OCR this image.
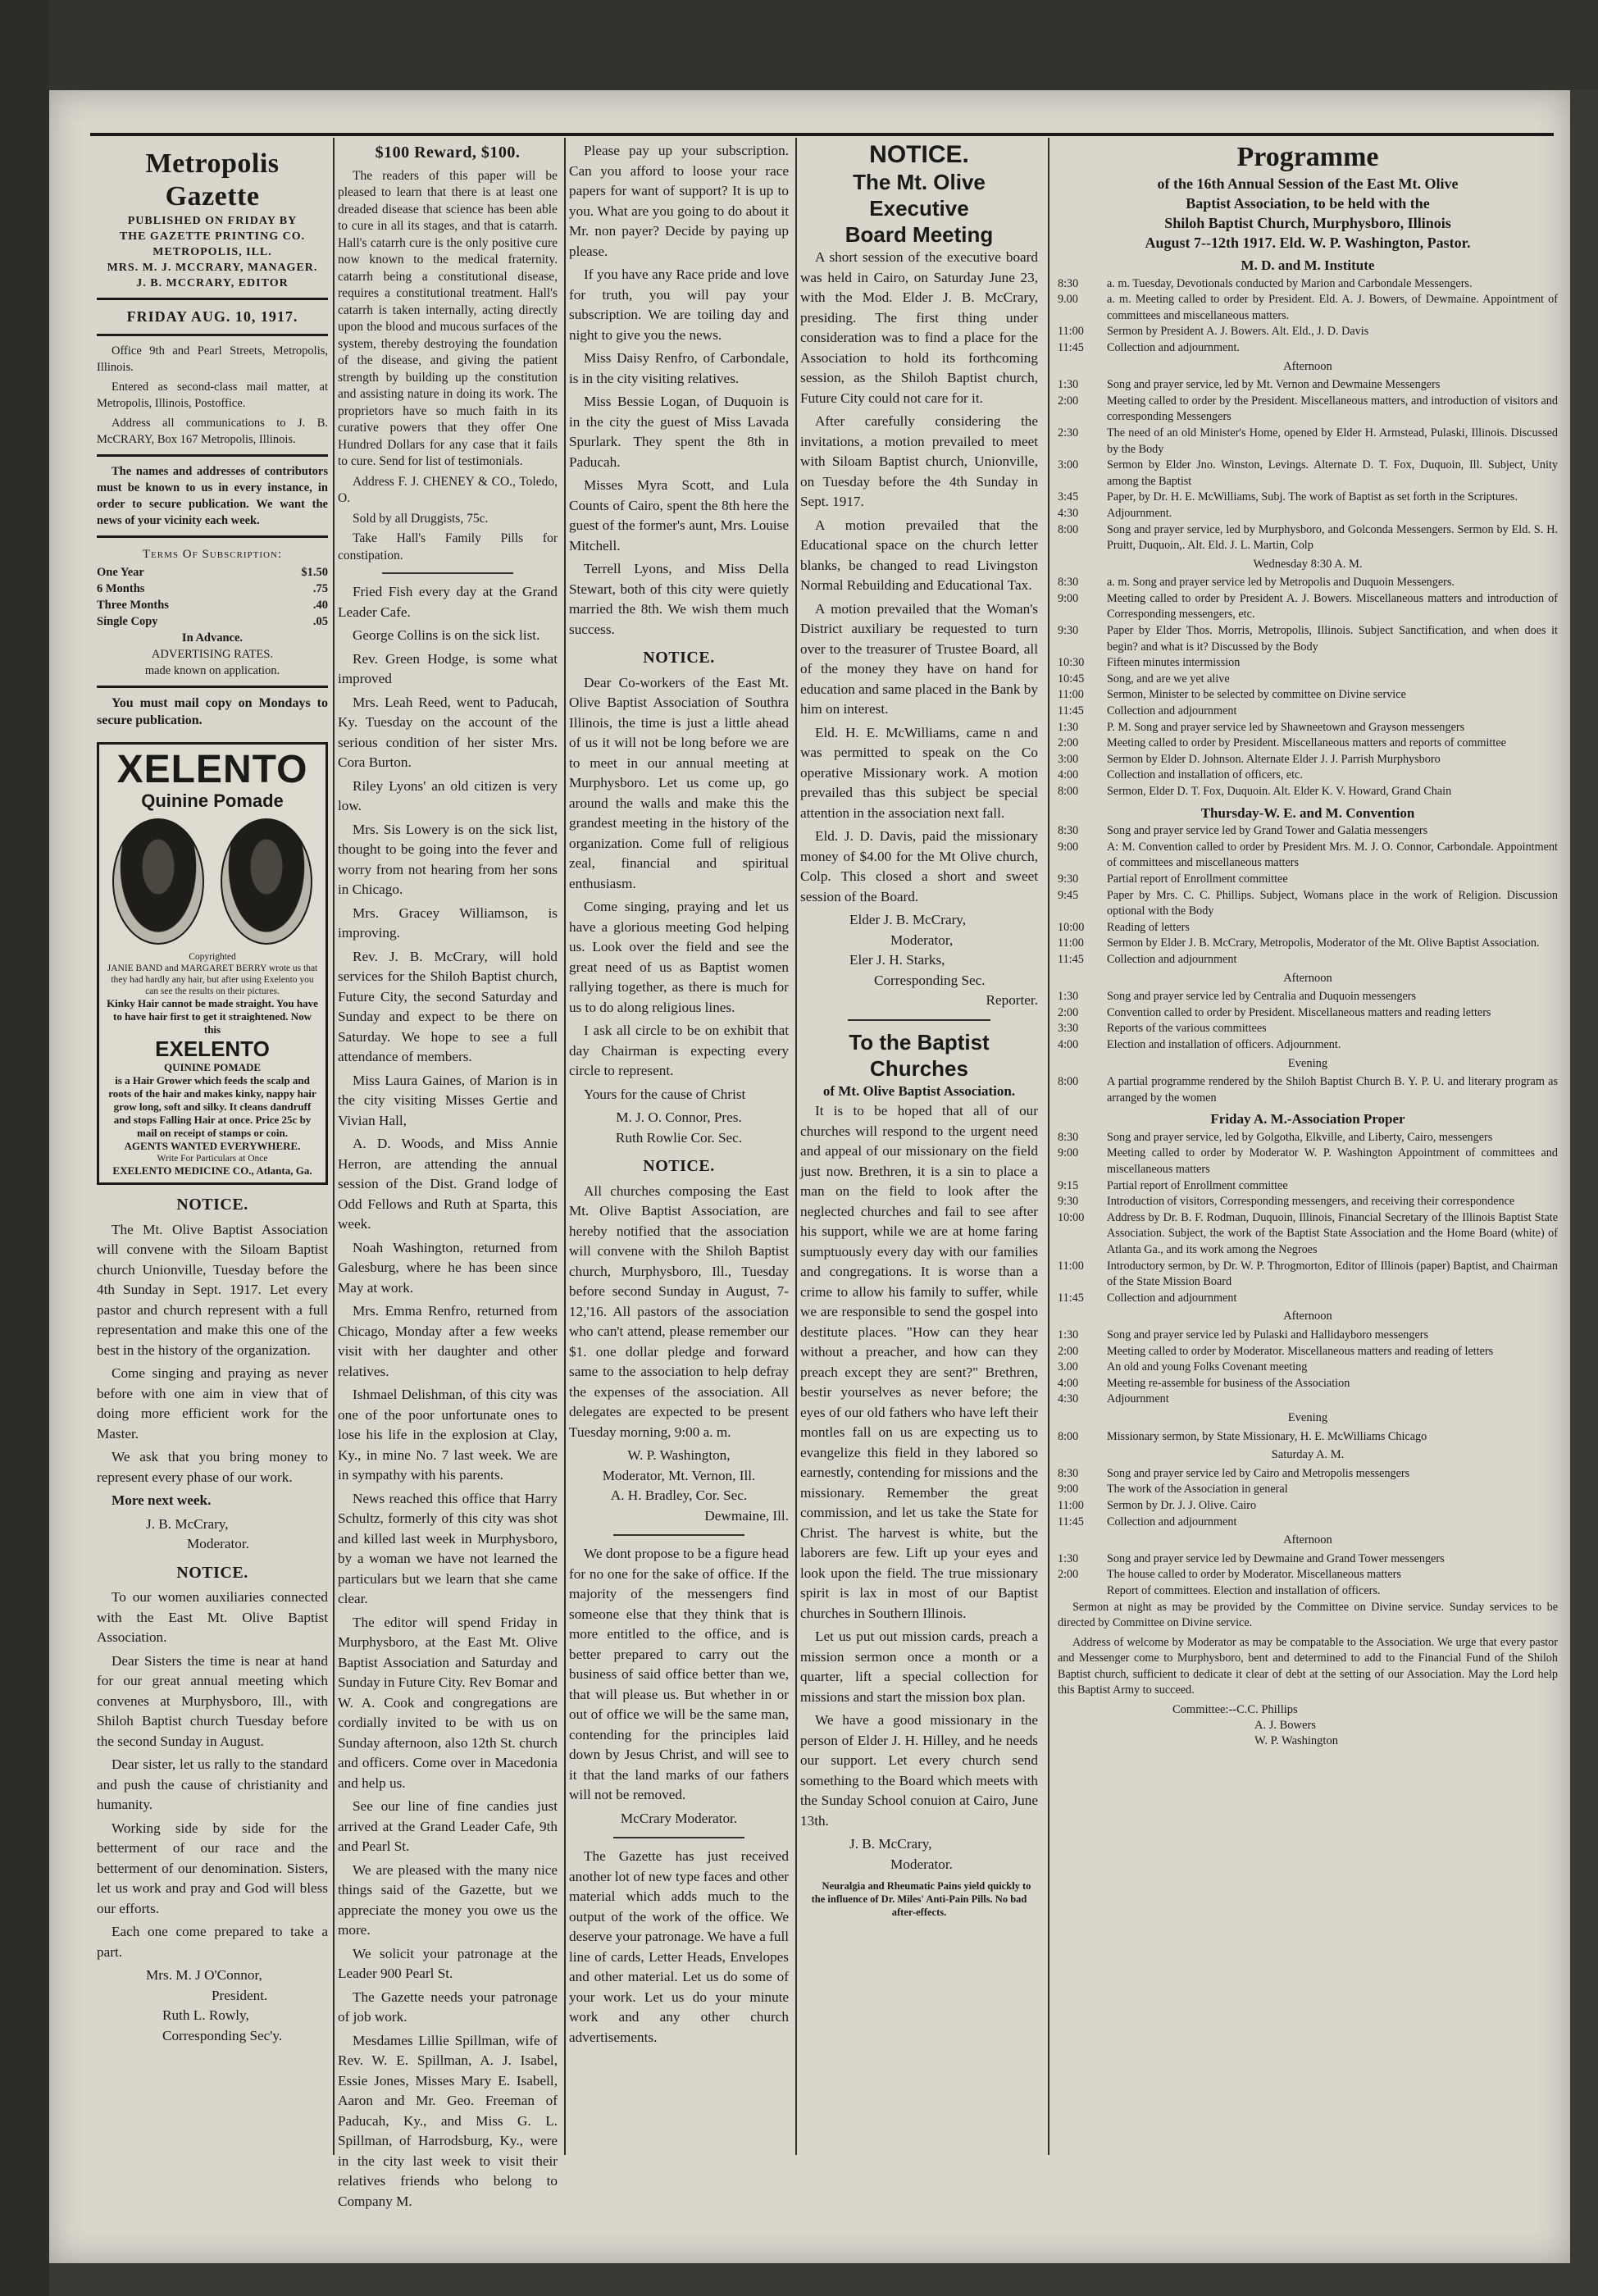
Metropolis Gazette
PUBLISHED ON FRIDAY BY
THE GAZETTE PRINTING CO.
METROPOLIS, ILL.
MRS. M. J. MCCRARY, MANAGER.
J. B. MCCRARY, EDITOR
FRIDAY AUG. 10, 1917.

Office 9th and Pearl Streets, Metropolis, Illinois.

Entered as second-class mail matter, at Metropolis, Illinois, Postoffice.

Address all communications to J. B. McCRARY, Box 167 Metropolis, Illinois.

The names and addresses of contributors must be known to us in every instance, in order to secure publication. We want the news of your vicinity each week.

Terms Of Subscription:
One Year	$1.50
6 Months	.75
Three Months	.40
Single Copy	.05
In Advance.
ADVERTISING RATES.
made known on application.

You must mail copy on Mondays to secure publication.

XELENTO
Quinine Pomade
Copyrighted
JANIE BAND and MARGARET BERRY wrote us that they had hardly any hair, but after using Exelento you can see the results on their pictures.
Kinky Hair cannot be made straight. You have to have hair first to get it straightened. Now this
EXELENTO
QUININE POMADE
is a Hair Grower which feeds the scalp and roots of the hair and makes kinky, nappy hair grow long, soft and silky. It cleans dandruff and stops Falling Hair at once. Price 25c by mail on receipt of stamps or coin.
AGENTS WANTED EVERYWHERE.
Write For Particulars at Once
EXELENTO MEDICINE CO., Atlanta, Ga.
NOTICE.

The Mt. Olive Baptist Association will convene with the Siloam Baptist church Unionville, Tuesday before the 4th Sunday in Sept. 1917. Let every pastor and church represent with a full representation and make this one of the best in the history of the organization.

Come singing and praying as never before with one aim in view that of doing more efficient work for the Master.

We ask that you bring money to represent every phase of our work.

More next week.

J. B. McCrary,
Moderator.
NOTICE.

To our women auxiliaries connected with the East Mt. Olive Baptist Association.

Dear Sisters the time is near at hand for our great annual meeting which convenes at Murphysboro, Ill., with Shiloh Baptist church Tuesday before the second Sunday in August.

Dear sister, let us rally to the standard and push the cause of christianity and humanity.

Working side by side for the betterment of our race and the betterment of our denomination. Sisters, let us work and pray and God will bless our efforts.

Each one come prepared to take a part.

Mrs. M. J O'Connor,
President.
Ruth L. Rowly,
Corresponding Sec'y.
$100 Reward, $100.

The readers of this paper will be pleased to learn that there is at least one dreaded disease that science has been able to cure in all its stages, and that is catarrh. Hall's catarrh cure is the only positive cure now known to the medical fraternity. catarrh being a constitutional disease, requires a constitutional treatment. Hall's catarrh is taken internally, acting directly upon the blood and mucous surfaces of the system, thereby destroying the foundation of the disease, and giving the patient strength by building up the constitution and assisting nature in doing its work. The proprietors have so much faith in its curative powers that they offer One Hundred Dollars for any case that it fails to cure. Send for list of testimonials.

Address F. J. CHENEY & CO., Toledo, O.

Sold by all Druggists, 75c.

Take Hall's Family Pills for constipation.

Fried Fish every day at the Grand Leader Cafe.

George Collins is on the sick list.

Rev. Green Hodge, is some what improved

Mrs. Leah Reed, went to Paducah, Ky. Tuesday on the account of the serious condition of her sister Mrs. Cora Burton.

Riley Lyons' an old citizen is very low.

Mrs. Sis Lowery is on the sick list, thought to be going into the fever and worry from not hearing from her sons in Chicago.

Mrs. Gracey Williamson, is improving.

Rev. J. B. McCrary, will hold services for the Shiloh Baptist church, Future City, the second Saturday and Sunday and expect to be there on Saturday. We hope to see a full attendance of members.

Miss Laura Gaines, of Marion is in the city visiting Misses Gertie and Vivian Hall,

A. D. Woods, and Miss Annie Herron, are attending the annual session of the Dist. Grand lodge of Odd Fellows and Ruth at Sparta, this week.

Noah Washington, returned from Galesburg, where he has been since May at work.

Mrs. Emma Renfro, returned from Chicago, Monday after a few weeks visit with her daughter and other relatives.

Ishmael Delishman, of this city was one of the poor unfortunate ones to lose his life in the explosion at Clay, Ky., in mine No. 7 last week. We are in sympathy with his parents.

News reached this office that Harry Schultz, formerly of this city was shot and killed last week in Murphysboro, by a woman we have not learned the particulars but we learn that she came clear.

The editor will spend Friday in Murphysboro, at the East Mt. Olive Baptist Association and Saturday and Sunday in Future City. Rev Bomar and W. A. Cook and congregations are cordially invited to be with us on Sunday afternoon, also 12th St. church and officers. Come over in Macedonia and help us.

See our line of fine candies just arrived at the Grand Leader Cafe, 9th and Pearl St.

We are pleased with the many nice things said of the Gazette, but we appreciate the money you owe us the more.

We solicit your patronage at the Leader 900 Pearl St.

The Gazette needs your patronage of job work.

Mesdames Lillie Spillman, wife of Rev. W. E. Spillman, A. J. Isabel, Essie Jones, Misses Mary E. Isabell, Aaron and Mr. Geo. Freeman of Paducah, Ky., and Miss G. L. Spillman, of Harrodsburg, Ky., were in the city last week to visit their relatives friends who belong to Company M.

Please pay up your subscription. Can you afford to loose your race papers for want of support? It is up to you. What are you going to do about it Mr. non payer? Decide by paying up please.

If you have any Race pride and love for truth, you will pay your subscription. We are toiling day and night to give you the news.

Miss Daisy Renfro, of Carbondale, is in the city visiting relatives.

Miss Bessie Logan, of Duquoin is in the city the guest of Miss Lavada Spurlark. They spent the 8th in Paducah.

Misses Myra Scott, and Lula Counts of Cairo, spent the 8th here the guest of the former's aunt, Mrs. Louise Mitchell.

Terrell Lyons, and Miss Della Stewart, both of this city were quietly married the 8th. We wish them much success.

NOTICE.

Dear Co-workers of the East Mt. Olive Baptist Association of Southra Illinois, the time is just a little ahead of us it will not be long before we are to meet in our annual meeting at Murphysboro. Let us come up, go around the walls and make this the grandest meeting in the history of the organization. Come full of religious zeal, financial and spiritual enthusiasm.

Come singing, praying and let us have a glorious meeting God helping us. Look over the field and see the great need of us as Baptist women rallying together, as there is much for us to do along religious lines.

I ask all circle to be on exhibit that day Chairman is expecting every circle to represent.

Yours for the cause of Christ

M. J. O. Connor, Pres.
Ruth Rowlie Cor. Sec.
NOTICE.

All churches composing the East Mt. Olive Baptist Association, are hereby notified that the association will convene with the Shiloh Baptist church, Murphysboro, Ill., Tuesday before second Sunday in August, 7-12,'16. All pastors of the association who can't attend, please remember our $1. one dollar pledge and forward same to the association to help defray the expenses of the association. All delegates are expected to be present Tuesday morning, 9:00 a. m.

W. P. Washington,
Moderator, Mt. Vernon, Ill.
A. H. Bradley, Cor. Sec.
Dewmaine, Ill.

We dont propose to be a figure head for no one for the sake of office. If the majority of the messengers find someone else that they think that is more entitled to the office, and is better prepared to carry out the business of said office better than we, that will please us. But whether in or out of office we will be the same man, contending for the principles laid down by Jesus Christ, and will see to it that the land marks of our fathers will not be removed.

McCrary Moderator.

The Gazette has just received another lot of new type faces and other material which adds much to the output of the work of the office. We deserve your patronage. We have a full line of cards, Letter Heads, Envelopes and other material. Let us do some of your work. Let us do your minute work and any other church advertisements.

NOTICE.
The Mt. Olive Executive
Board Meeting

A short session of the executive board was held in Cairo, on Saturday June 23, with the Mod. Elder J. B. McCrary, presiding. The first thing under consideration was to find a place for the Association to hold its forthcoming session, as the Shiloh Baptist church, Future City could not care for it.

After carefully considering the invitations, a motion prevailed to meet with Siloam Baptist church, Unionville, on Tuesday before the 4th Sunday in Sept. 1917.

A motion prevailed that the Educational space on the church letter blanks, be changed to read Livingston Normal Rebuilding and Educational Tax.

A motion prevailed that the Woman's District auxiliary be requested to turn over to the treasurer of Trustee Board, all of the money they have on hand for education and same placed in the Bank by him on interest.

Eld. H. E. McWilliams, came n and was permitted to speak on the Co operative Missionary work. A motion prevailed thas this subject be special attention in the association next fall.

Eld. J. D. Davis, paid the missionary money of $4.00 for the Mt Olive church, Colp. This closed a short and sweet session of the Board.

Elder J. B. McCrary,
Moderator,
Eler J. H. Starks,
Corresponding Sec.
Reporter.
To the Baptist Churches
of Mt. Olive Baptist Association.

It is to be hoped that all of our churches will respond to the urgent need and appeal of our missionary on the field just now. Brethren, it is a sin to place a man on the field to look after the neglected churches and fail to see after his support, while we are at home faring sumptuously every day with our families and congregations. It is worse than a crime to allow his family to suffer, while we are responsible to send the gospel into destitute places. "How can they hear without a preacher, and how can they preach except they are sent?" Brethren, bestir yourselves as never before; the eyes of our old fathers who have left their montles fall on us are expecting us to evangelize this field in they labored so earnestly, contending for missions and the missionary. Remember the great commission, and let us take the State for Christ. The harvest is white, but the laborers are few. Lift up your eyes and look upon the field. The true missionary spirit is lax in most of our Baptist churches in Southern Illinois.

Let us put out mission cards, preach a mission sermon once a month or a quarter, lift a special collection for missions and start the mission box plan.

We have a good missionary in the person of Elder J. H. Hilley, and he needs our support. Let every church send something to the Board which meets with the Sunday School conuion at Cairo, June 13th.

J. B. McCrary,
Moderator.

Neuralgia and Rheumatic Pains yield quickly to the influence of Dr. Miles' Anti-Pain Pills. No bad after-effects.

Programme
of the 16th Annual Session of the East Mt. Olive
Baptist Association, to be held with the
Shiloh Baptist Church, Murphysboro, Illinois
August 7--12th 1917. Eld. W. P. Washington, Pastor.
M. D. and M. Institute
8:30	a. m. Tuesday, Devotionals conducted by Marion and Carbondale Messengers.
9.00	a. m. Meeting called to order by President. Eld. A. J. Bowers, of Dewmaine. Appointment of committees and miscellaneous matters.
11:00	Sermon by President A. J. Bowers. Alt. Eld., J. D. Davis
11:45	Collection and adjournment.
Afternoon
1:30	Song and prayer service, led by Mt. Vernon and Dewmaine Messengers
2:00	Meeting called to order by the President. Miscellaneous matters, and introduction of visitors and corresponding Messengers
2:30	The need of an old Minister's Home, opened by Elder H. Armstead, Pulaski, Illinois. Discussed by the Body
3:00	Sermon by Elder Jno. Winston, Levings. Alternate D. T. Fox, Duquoin, Ill. Subject, Unity among the Baptist
3:45	Paper, by Dr. H. E. McWilliams, Subj. The work of Baptist as set forth in the Scriptures.
4:30	Adjournment.
8:00	Song and prayer service, led by Murphysboro, and Golconda Messengers. Sermon by Eld. S. H. Pruitt, Duquoin,. Alt. Eld. J. L. Martin, Colp
Wednesday 8:30 A. M.
8:30	a. m. Song and prayer service led by Metropolis and Duquoin Messengers.
9:00	Meeting called to order by President A. J. Bowers. Miscellaneous matters and introduction of Corresponding messengers, etc.
9:30	Paper by Elder Thos. Morris, Metropolis, Illinois. Subject Sanctification, and when does it begin? and what is it? Discussed by the Body
10:30	Fifteen minutes intermission
10:45	Song, and are we yet alive
11:00	Sermon, Minister to be selected by committee on Divine service
11:45	Collection and adjournment
1:30	P. M. Song and prayer service led by Shawneetown and Grayson messengers
2:00	Meeting called to order by President. Miscellaneous matters and reports of committee
3:00	Sermon by Elder D. Johnson. Alternate Elder J. J. Parrish Murphysboro
4:00	Collection and installation of officers, etc.
8:00	Sermon, Elder D. T. Fox, Duquoin. Alt. Elder K. V. Howard, Grand Chain
Thursday-W. E. and M. Convention
8:30	Song and prayer service led by Grand Tower and Galatia messengers
9:00	A: M. Convention called to order by President Mrs. M. J. O. Connor, Carbondale. Appointment of committees and miscellaneous matters
9:30	Partial report of Enrollment committee
9:45	Paper by Mrs. C. C. Phillips. Subject, Womans place in the work of Religion. Discussion optional with the Body
10:00	Reading of letters
11:00	Sermon by Elder J. B. McCrary, Metropolis, Moderator of the Mt. Olive Baptist Association.
11:45	Collection and adjournment
Afternoon
1:30	Song and prayer service led by Centralia and Duquoin messengers
2:00	Convention called to order by President. Miscellaneous matters and reading letters
3:30	Reports of the various committees
4:00	Election and installation of officers. Adjournment.
Evening
8:00	A partial programme rendered by the Shiloh Baptist Church B. Y. P. U. and literary program as arranged by the women
Friday A. M.-Association Proper
8:30	Song and prayer service, led by Golgotha, Elkville, and Liberty, Cairo, messengers
9:00	Meeting called to order by Moderator W. P. Washington Appointment of committees and miscellaneous matters
9:15	Partial report of Enrollment committee
9:30	Introduction of visitors, Corresponding messengers, and receiving their correspondence
10:00	Address by Dr. B. F. Rodman, Duquoin, Illinois, Financial Secretary of the Illinois Baptist State Association. Subject, the work of the Baptist State Association and the Home Board (white) of Atlanta Ga., and its work among the Negroes
11:00	Introductory sermon, by Dr. W. P. Throgmorton, Editor of Illinois (paper) Baptist, and Chairman of the State Mission Board
11:45	Collection and adjournment
Afternoon
1:30	Song and prayer service led by Pulaski and Hallidayboro messengers
2:00	Meeting called to order by Moderator. Miscellaneous matters and reading of letters
3.00	An old and young Folks Covenant meeting
4:00	Meeting re-assemble for business of the Association
4:30	Adjournment
Evening
8:00	Missionary sermon, by State Missionary, H. E. McWilliams Chicago
Saturday A. M.
8:30	Song and prayer service led by Cairo and Metropolis messengers
9:00	The work of the Association in general
11:00	Sermon by Dr. J. J. Olive. Cairo
11:45	Collection and adjournment
Afternoon
1:30	Song and prayer service led by Dewmaine and Grand Tower messengers
2:00	The house called to order by Moderator. Miscellaneous matters
Report of committees. Election and installation of officers.

Sermon at night as may be provided by the Committee on Divine service. Sunday services to be directed by Committee on Divine service.

Address of welcome by Moderator as may be compatable to the Association. We urge that every pastor and Messenger come to Murphysboro, bent and determined to add to the Financial Fund of the Shiloh Baptist church, sufficient to dedicate it clear of debt at the setting of our Association. May the Lord help this Baptist Army to succeed.

Committee:--C.C. Phillips
A. J. Bowers
W. P. Washington
